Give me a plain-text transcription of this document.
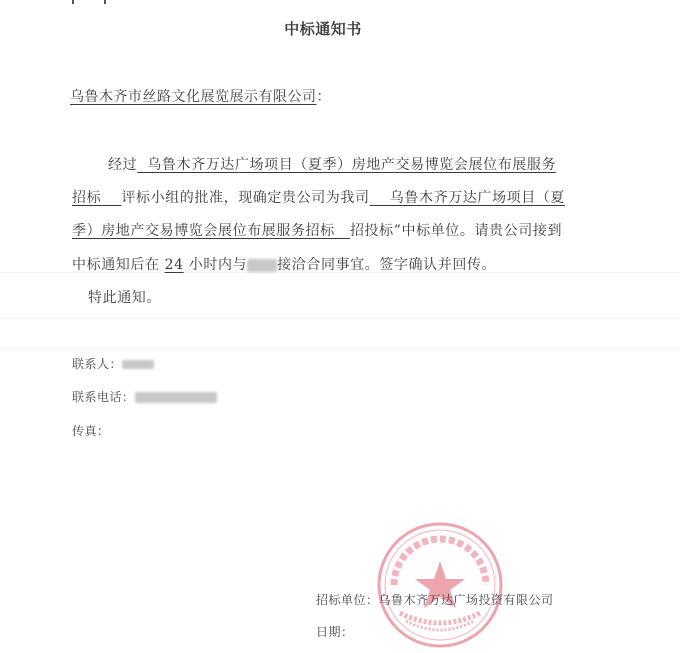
中标通知书
乌鲁木齐市丝路文化展览展示有限公司：
经过  乌鲁木齐万达广场项目（夏季）房地产交易博览会展位布展服务
招标    评标小组的批准，现确定贵公司为我司    乌鲁木齐万达广场项目（夏
季）房地产交易博览会展位布展服务招标   招投标”中标单位。请贵公司接到
中标通知后在 24 小时内与 接洽合同事宜。签字确认并回传。
特此通知。
联系人：
联系电话：
传真：
招标单位：乌鲁木齐万达广场投资有限公司
日期：
